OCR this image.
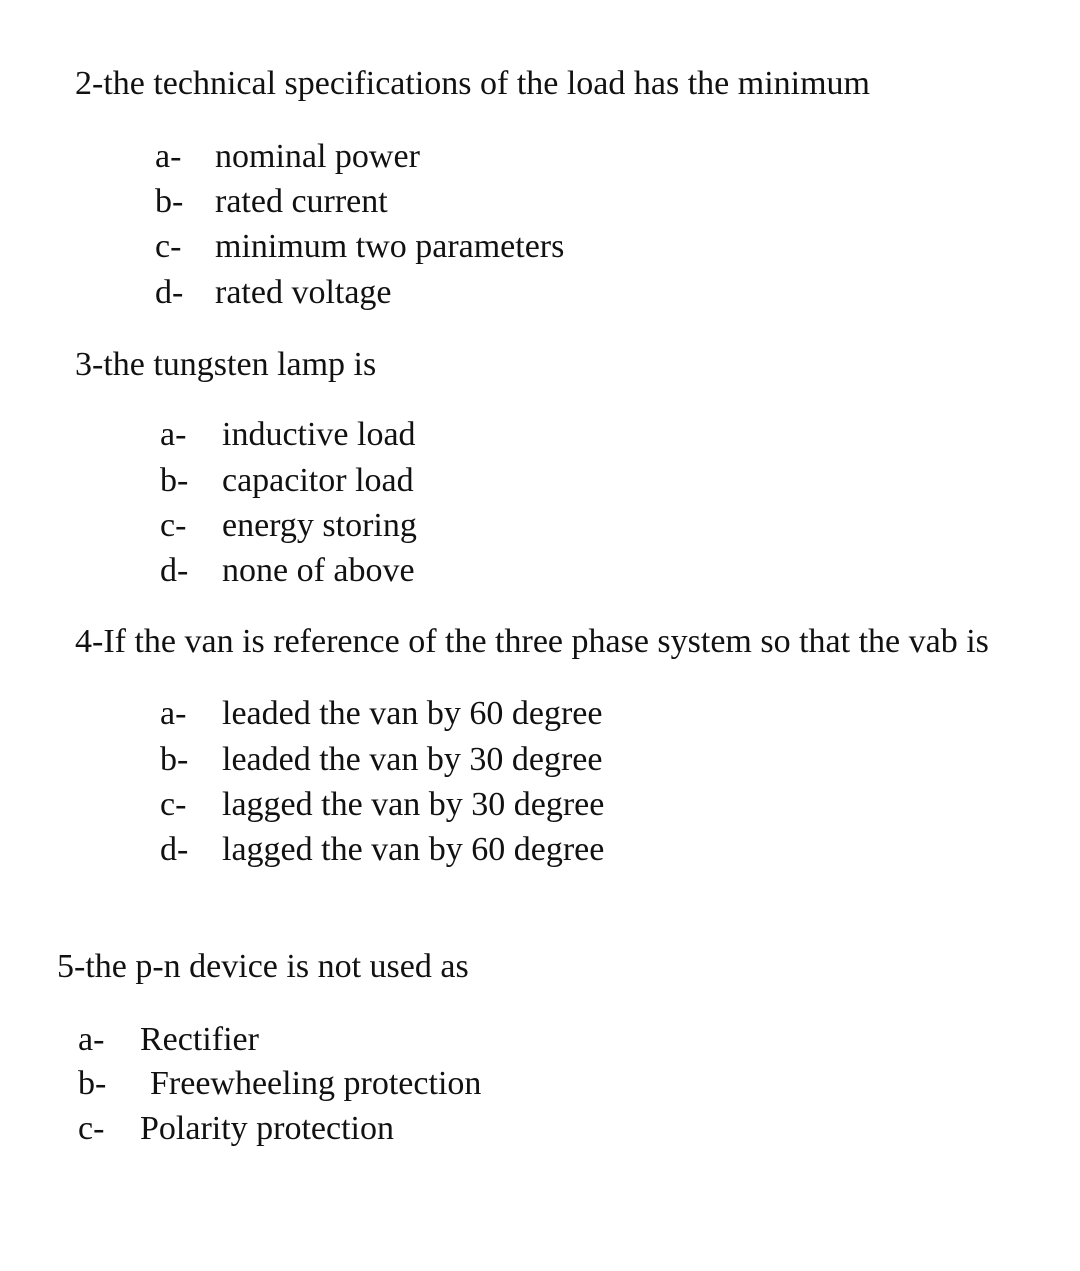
2-the technical specifications of the load has the minimum
a- nominal power
b- rated current
c- minimum two parameters
d- rated voltage
3-the tungsten lamp is
a- inductive load
b- capacitor load
c- energy storing
d- none of above
4-If the van is reference of the three phase system so that the vab is
a- leaded the van by 60 degree
b- leaded the van by 30 degree
c- lagged the van by 30 degree
d- lagged the van by 60 degree
5-the p-n device is not used as
a- Rectifier
b- Freewheeling protection
c- Polarity protection
